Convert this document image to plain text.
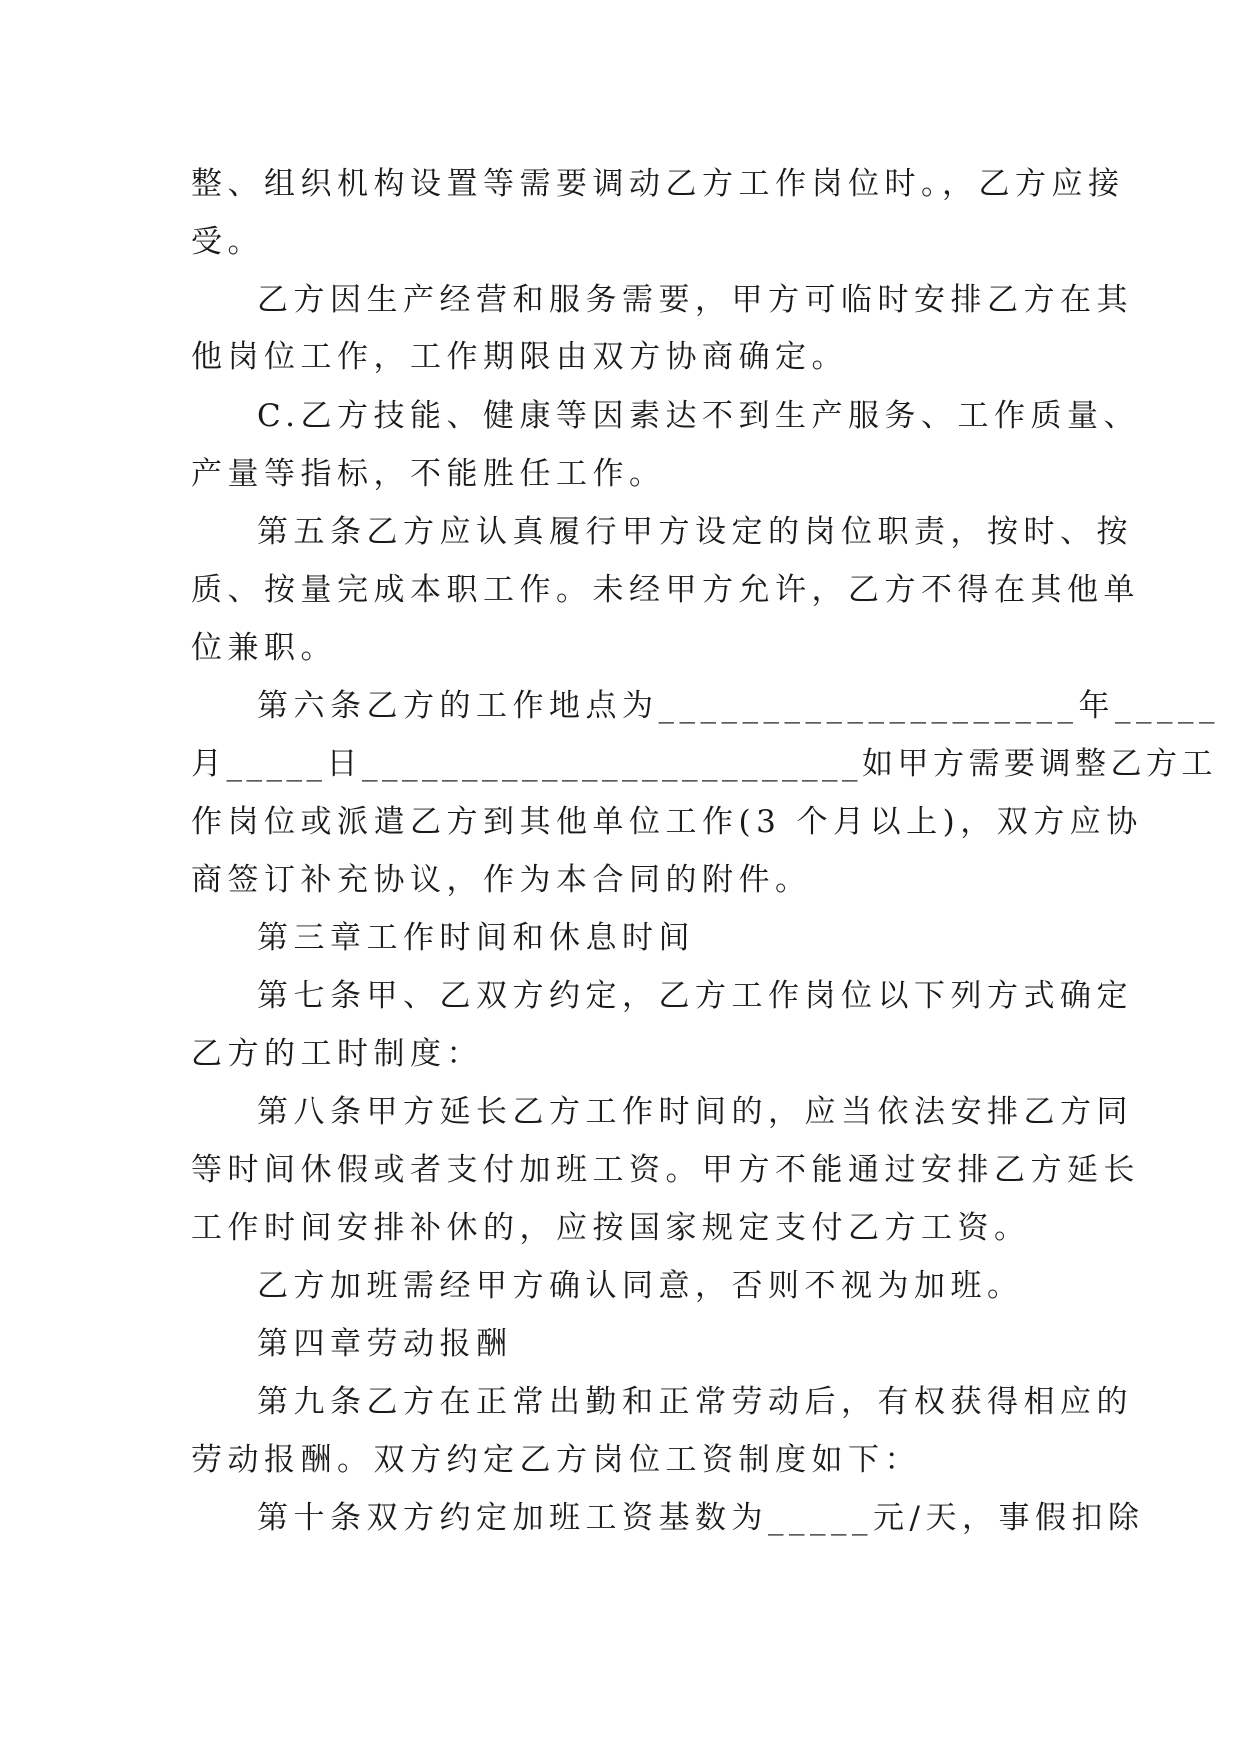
整、组织机构设置等需要调动乙方工作岗位时。，乙方应接
受。
乙方因生产经营和服务需要，甲方可临时安排乙方在其
他岗位工作，工作期限由双方协商确定。
C.乙方技能、健康等因素达不到生产服务、工作质量、
产量等指标，不能胜任工作。
第五条乙方应认真履行甲方设定的岗位职责，按时、按
质、按量完成本职工作。未经甲方允许，乙方不得在其他单
位兼职。
第六条乙方的工作地点为____________________年_____
月_____日_________________________如甲方需要调整乙方工
作岗位或派遣乙方到其他单位工作(3 个月以上)，双方应协
商签订补充协议，作为本合同的附件。
第三章工作时间和休息时间
第七条甲、乙双方约定，乙方工作岗位以下列方式确定
乙方的工时制度：
第八条甲方延长乙方工作时间的，应当依法安排乙方同
等时间休假或者支付加班工资。甲方不能通过安排乙方延长
工作时间安排补休的，应按国家规定支付乙方工资。
乙方加班需经甲方确认同意，否则不视为加班。
第四章劳动报酬
第九条乙方在正常出勤和正常劳动后，有权获得相应的
劳动报酬。双方约定乙方岗位工资制度如下：
第十条双方约定加班工资基数为_____元/天，事假扣除
